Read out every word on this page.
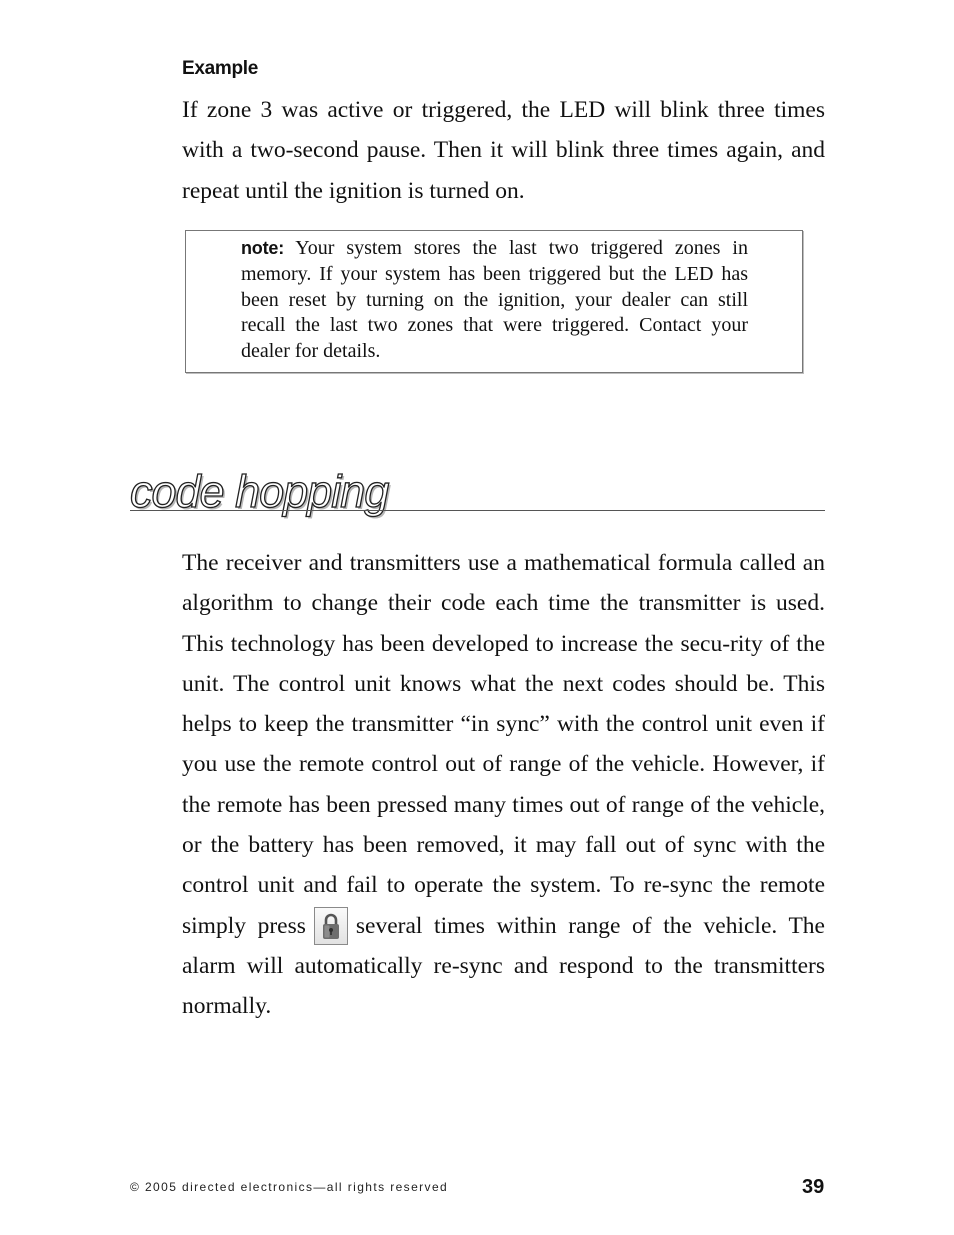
Example

If zone 3 was active or triggered, the LED will blink three times with a two-second pause. Then it will blink three times again, and repeat until the ignition is turned on.

note: Your system stores the last two triggered zones in memory. If your system has been triggered but the LED has been reset by turning on the ignition, your dealer can still recall the last two zones that were triggered. Contact your dealer for details.

code hopping

The receiver and transmitters use a mathematical formula called an algorithm to change their code each time the transmitter is used. This technology has been developed to increase the secu-rity of the unit. The control unit knows what the next codes should be. This helps to keep the transmitter “in sync” with the control unit even if you use the remote control out of range of the vehicle. However, if the remote has been pressed many times out of range of the vehicle, or the battery has been removed, it may fall out of sync with the control unit and fail to operate the system. To re-sync the remote simply press several times within range of the vehicle. The alarm will automatically re-sync and respond to the transmitters normally.

© 2005 directed electronics—all rights reserved	39
